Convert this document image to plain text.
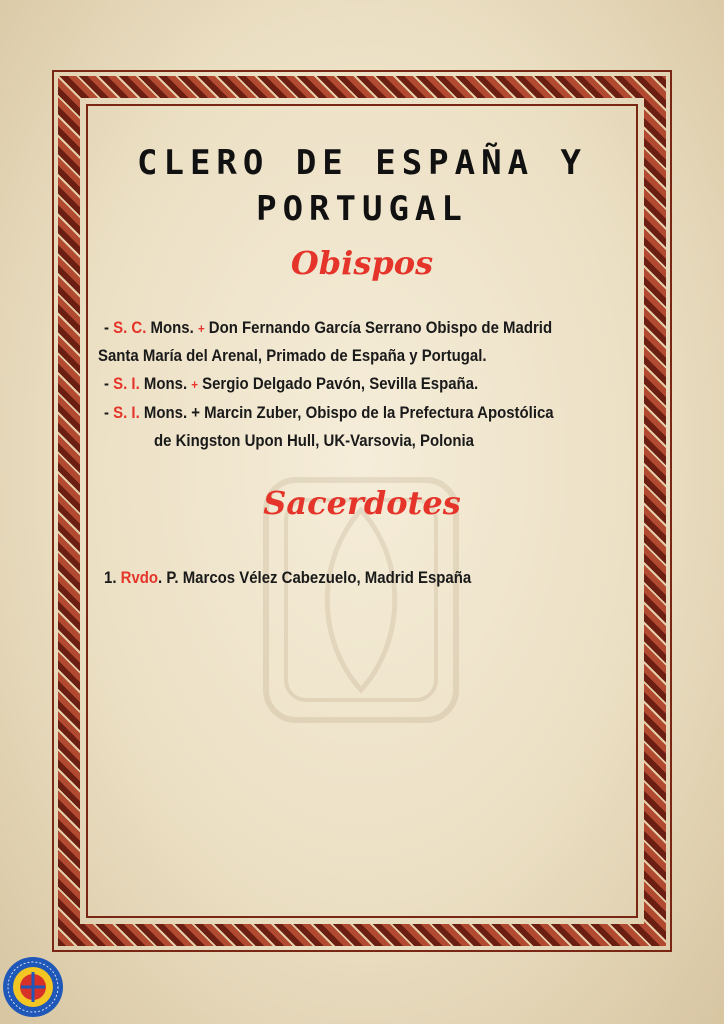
CLERO DE ESPAÑA Y
PORTUGAL
Obispos
- S. C. Mons. + Don Fernando García Serrano Obispo de Madrid
Santa María del Arenal, Primado de España y Portugal.
- S. I. Mons. + Sergio Delgado Pavón, Sevilla España.
- S. I. Mons. + Marcin Zuber, Obispo de la Prefectura Apostólica
de Kingston Upon Hull, UK-Varsovia, Polonia
Sacerdotes
1. Rvdo. P. Marcos Vélez Cabezuelo, Madrid España
